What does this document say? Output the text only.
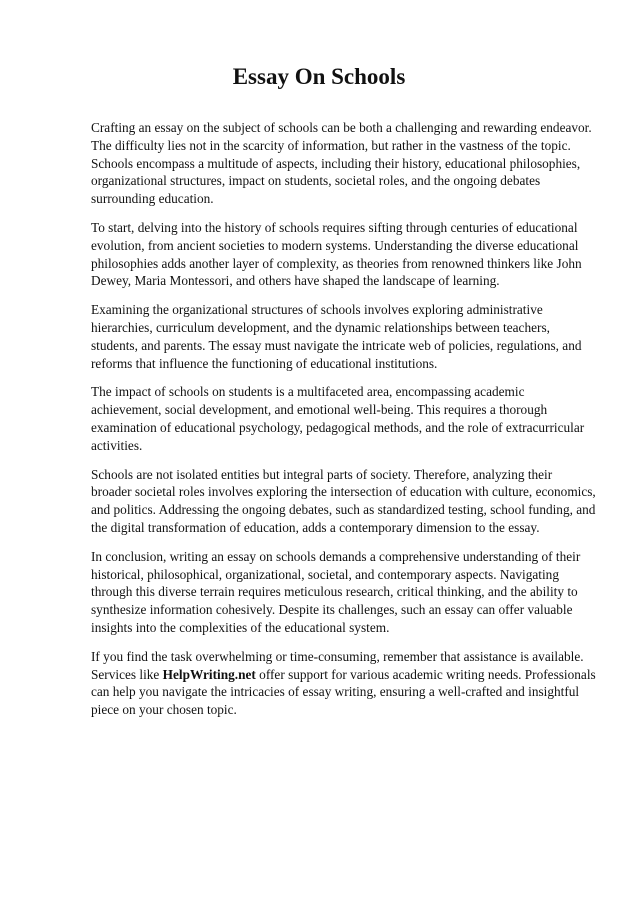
Essay On Schools

Crafting an essay on the subject of schools can be both a challenging and rewarding endeavor. The difficulty lies not in the scarcity of information, but rather in the vastness of the topic. Schools encompass a multitude of aspects, including their history, educational philosophies, organizational structures, impact on students, societal roles, and the ongoing debates surrounding education.

To start, delving into the history of schools requires sifting through centuries of educational evolution, from ancient societies to modern systems. Understanding the diverse educational philosophies adds another layer of complexity, as theories from renowned thinkers like John Dewey, Maria Montessori, and others have shaped the landscape of learning.

Examining the organizational structures of schools involves exploring administrative hierarchies, curriculum development, and the dynamic relationships between teachers, students, and parents. The essay must navigate the intricate web of policies, regulations, and reforms that influence the functioning of educational institutions.

The impact of schools on students is a multifaceted area, encompassing academic achievement, social development, and emotional well-being. This requires a thorough examination of educational psychology, pedagogical methods, and the role of extracurricular activities.

Schools are not isolated entities but integral parts of society. Therefore, analyzing their broader societal roles involves exploring the intersection of education with culture, economics, and politics. Addressing the ongoing debates, such as standardized testing, school funding, and the digital transformation of education, adds a contemporary dimension to the essay.

In conclusion, writing an essay on schools demands a comprehensive understanding of their historical, philosophical, organizational, societal, and contemporary aspects. Navigating through this diverse terrain requires meticulous research, critical thinking, and the ability to synthesize information cohesively. Despite its challenges, such an essay can offer valuable insights into the complexities of the educational system.

If you find the task overwhelming or time-consuming, remember that assistance is available. Services like HelpWriting.net offer support for various academic writing needs. Professionals can help you navigate the intricacies of essay writing, ensuring a well-crafted and insightful piece on your chosen topic.
